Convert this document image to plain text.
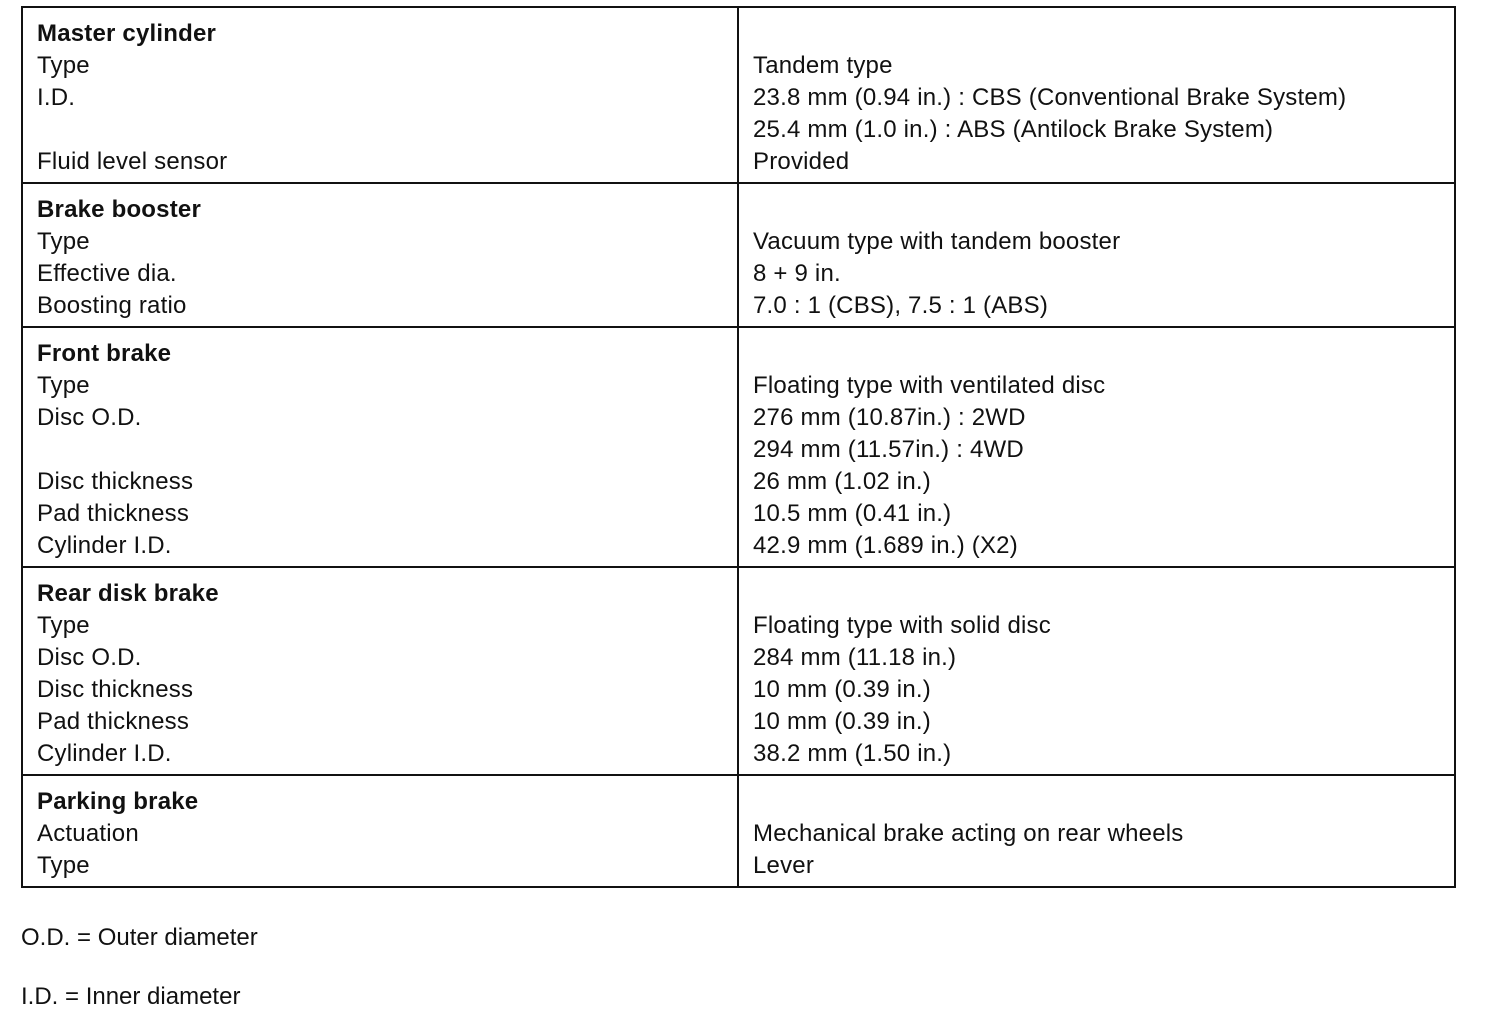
Master cylinder
Type
I.D.
Fluid level sensor
Tandem type
23.8 mm (0.94 in.) : CBS (Conventional Brake System)
25.4 mm (1.0 in.) : ABS (Antilock Brake System)
Provided
Brake booster
Type
Effective dia.
Boosting ratio
Vacuum type with tandem booster
8 + 9 in.
7.0 : 1 (CBS), 7.5 : 1 (ABS)
Front brake
Type
Disc O.D.
Disc thickness
Pad thickness
Cylinder I.D.
Floating type with ventilated disc
276 mm (10.87in.) : 2WD
294 mm (11.57in.) : 4WD
26 mm (1.02 in.)
10.5 mm (0.41 in.)
42.9 mm (1.689 in.) (X2)
Rear disk brake
Type
Disc O.D.
Disc thickness
Pad thickness
Cylinder I.D.
Floating type with solid disc
284 mm (11.18 in.)
10 mm (0.39 in.)
10 mm (0.39 in.)
38.2 mm (1.50 in.)
Parking brake
Actuation
Type
Mechanical brake acting on rear wheels
Lever
O.D. = Outer diameter
I.D. = Inner diameter
